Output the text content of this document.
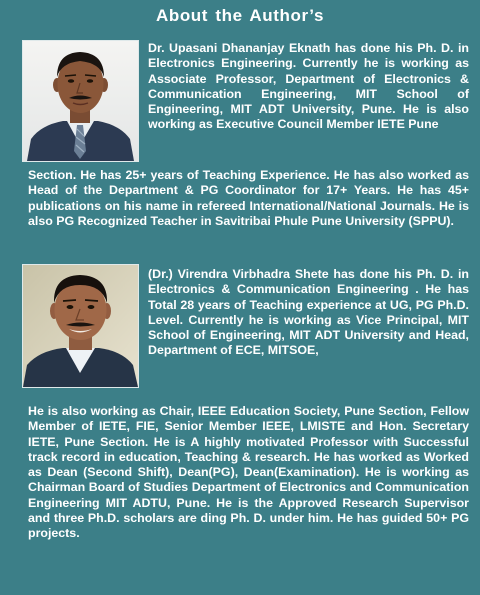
About the Author’s
Dr. Upasani Dhananjay Eknath has done his Ph. D. in Electronics Engineering. Currently he is working as Associate Professor, Department of Electronics & Communication Engineering, MIT School of Engineering, MIT ADT University, Pune. He is also working as Executive Council Member IETE Pune
Section. He has 25+ years of Teaching Experience. He has also worked as Head of the Department & PG Coordinator for 17+ Years. He has 45+ publications on his name in refereed International/National Journals. He is also PG Recognized Teacher in Savitribai Phule Pune University (SPPU).
(Dr.) Virendra Virbhadra Shete has done his Ph. D. in Electronics & Communication Engineering . He has Total 28 years of Teaching experience at UG, PG Ph.D. Level. Currently he is working as Vice Principal, MIT School of Engineering, MIT ADT University and Head, Department of ECE, MITSOE,
He is also working as Chair, IEEE Education Society, Pune Section, Fellow Member of IETE, FIE, Senior Member IEEE, LMISTE and Hon. Secretary IETE, Pune Section. He is A highly motivated Professor with Successful track record in education, Teaching & research. He has worked as Worked as Dean (Second Shift), Dean(PG), Dean(Examination). He is working as Chairman Board of Studies Department of Electronics and Communication Engineering MIT ADTU, Pune. He is the Approved Research Supervisor and three Ph.D. scholars are ding Ph. D. under him. He has guided 50+ PG projects.
